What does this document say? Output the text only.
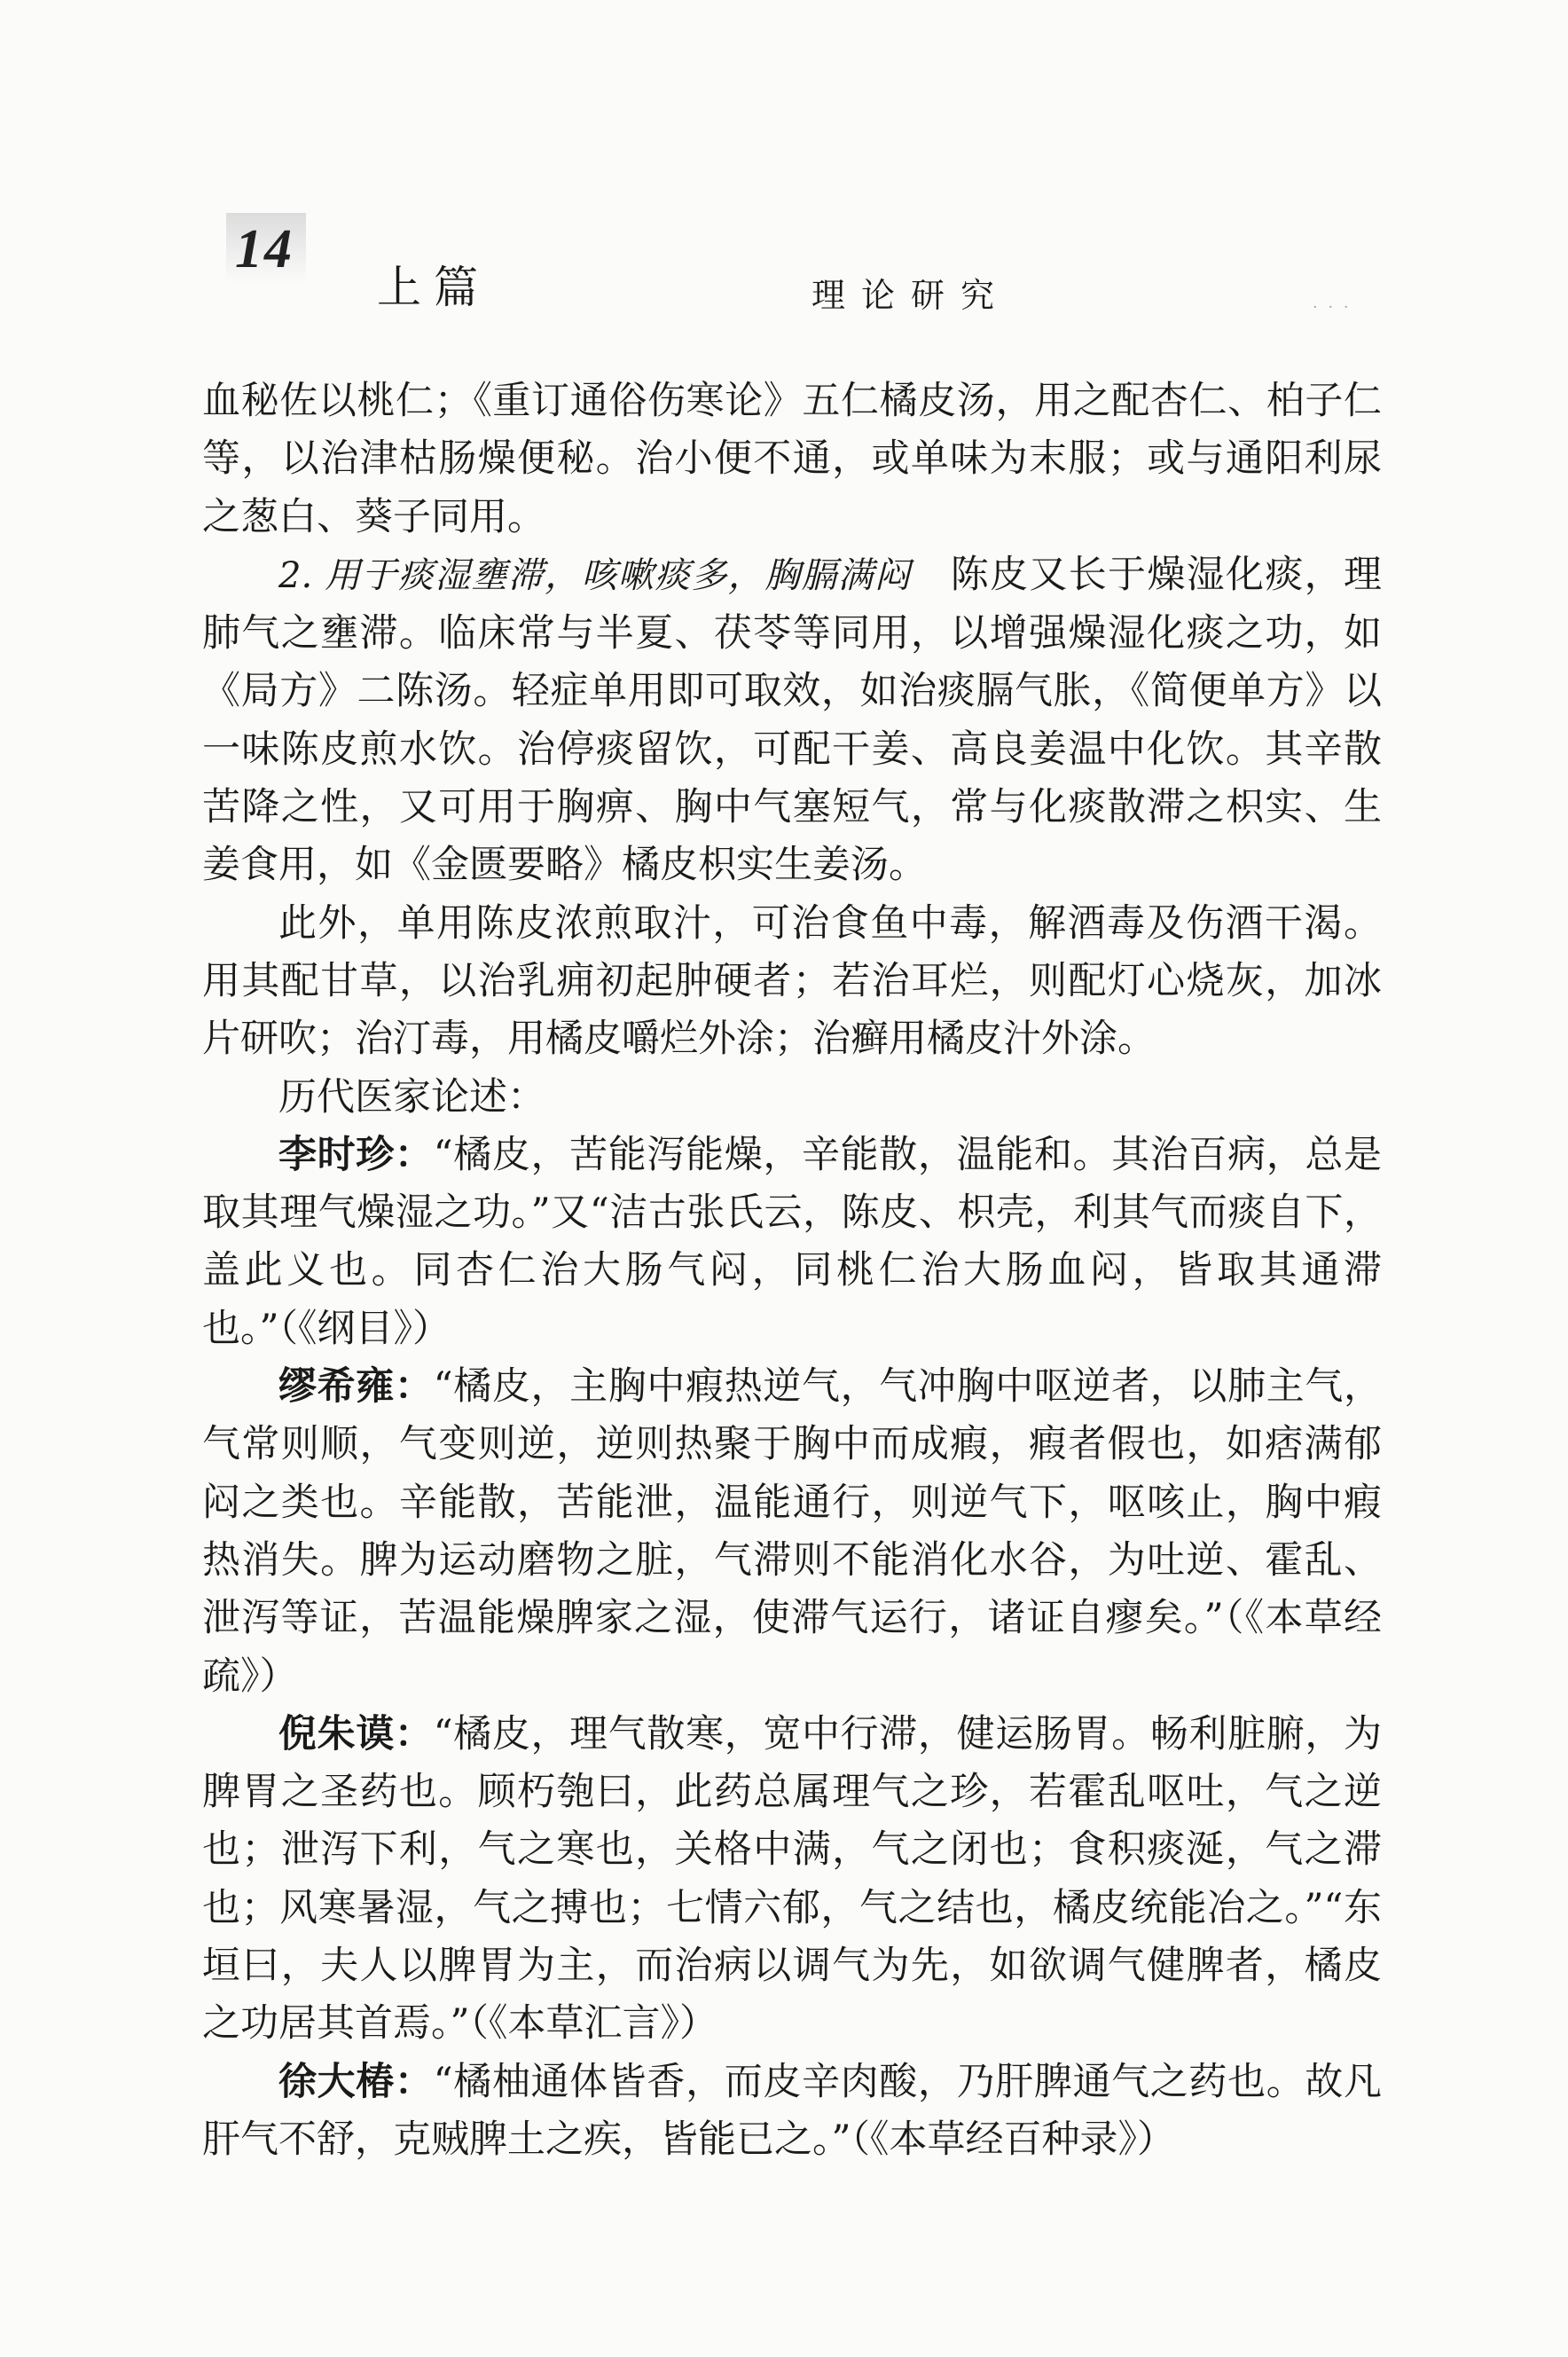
14
上篇	理论研究	· · ·

血秘佐以桃仁；《重订通俗伤寒论》五仁橘皮汤，用之配杏仁、柏子仁等，以治津枯肠燥便秘。治小便不通，或单味为末服；或与通阳利尿之葱白、葵子同用。

2. 用于痰湿壅滞，咳嗽痰多，胸膈满闷　陈皮又长于燥湿化痰，理肺气之壅滞。临床常与半夏、茯苓等同用，以增强燥湿化痰之功，如《局方》二陈汤。轻症单用即可取效，如治痰膈气胀，《简便单方》以一味陈皮煎水饮。治停痰留饮，可配干姜、高良姜温中化饮。其辛散苦降之性，又可用于胸痹、胸中气塞短气，常与化痰散滞之枳实、生姜食用，如《金匮要略》橘皮枳实生姜汤。

此外，单用陈皮浓煎取汁，可治食鱼中毒，解酒毒及伤酒干渴。用其配甘草，以治乳痈初起肿硬者；若治耳烂，则配灯心烧灰，加冰片研吹；治汀毒，用橘皮嚼烂外涂；治癣用橘皮汁外涂。

历代医家论述：

李时珍：“橘皮，苦能泻能燥，辛能散，温能和。其治百病，总是取其理气燥湿之功。”又“洁古张氏云，陈皮、枳壳，利其气而痰自下，盖此义也。同杏仁治大肠气闷，同桃仁治大肠血闷，皆取其通滞也。”（《纲目》）

缪希雍：“橘皮，主胸中瘕热逆气，气冲胸中呕逆者，以肺主气，气常则顺，气变则逆，逆则热聚于胸中而成瘕，瘕者假也，如痞满郁闷之类也。辛能散，苦能泄，温能通行，则逆气下，呕咳止，胸中瘕热消失。脾为运动磨物之脏，气滞则不能消化水谷，为吐逆、霍乱、泄泻等证，苦温能燥脾家之湿，使滞气运行，诸证自瘳矣。”（《本草经疏》）

倪朱谟：“橘皮，理气散寒，宽中行滞，健运肠胃。畅利脏腑，为脾胃之圣药也。顾朽匏曰，此药总属理气之珍，若霍乱呕吐，气之逆也；泄泻下利，气之寒也，关格中满，气之闭也；食积痰涎，气之滞也；风寒暑湿，气之搏也；七情六郁，气之结也，橘皮统能冶之。”“东垣曰，夫人以脾胃为主，而治病以调气为先，如欲调气健脾者，橘皮之功居其首焉。”（《本草汇言》）

徐大椿：“橘柚通体皆香，而皮辛肉酸，乃肝脾通气之药也。故凡肝气不舒，克贼脾土之疾，皆能已之。”（《本草经百种录》）
